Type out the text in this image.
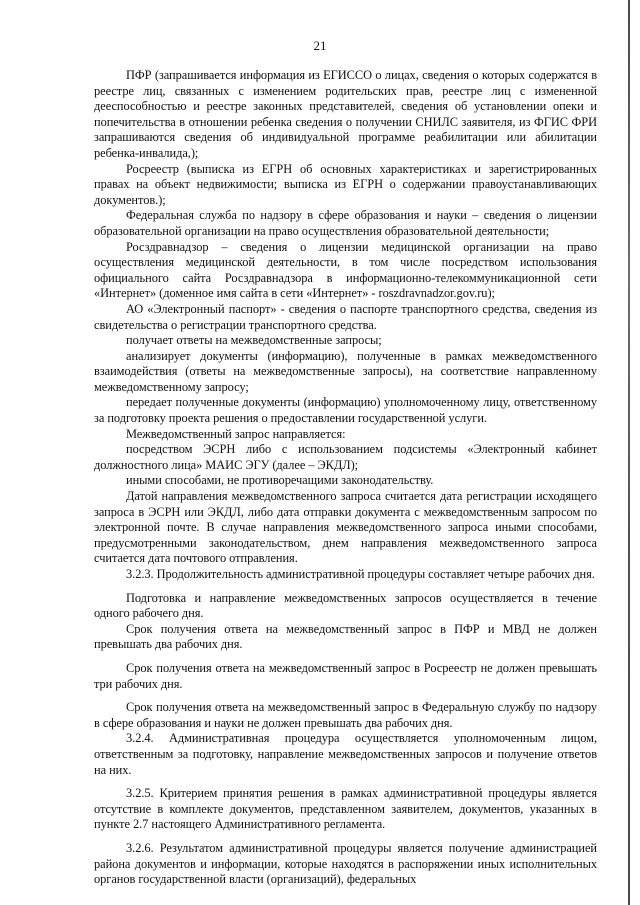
21

ПФР (запрашивается информация из ЕГИССО о лицах, сведения о которых содержатся в реестре лиц, связанных с изменением родительских прав, реестре лиц с измененной дееспособностью и реестре законных представителей, сведения об установлении опеки и попечительства в отношении ребенка сведения о получении СНИЛС заявителя, из ФГИС ФРИ запрашиваются сведения об индивидуальной программе реабилитации или абилитации ребенка-инвалида,);

Росреестр (выписка из ЕГРН об основных характеристиках и зарегистрированных правах на объект недвижимости; выписка из ЕГРН о содержании правоустанавливающих документов.);

Федеральная служба по надзору в сфере образования и науки – сведения о лицензии образовательной организации на право осуществления образовательной деятельности;

Росздравнадзор – сведения о лицензии медицинской организации на право осуществления медицинской деятельности, в том числе посредством использования официального сайта Росздравнадзора в информационно-телекоммуникационной сети «Интернет» (доменное имя сайта в сети «Интернет» - roszdravnadzor.gov.ru);

АО «Электронный паспорт» - сведения о паспорте транспортного средства, сведения из свидетельства о регистрации транспортного средства.

получает ответы на межведомственные запросы;

анализирует документы (информацию), полученные в рамках межведомственного взаимодействия (ответы на межведомственные запросы), на соответствие направленному межведомственному запросу;

передает полученные документы (информацию) уполномоченному лицу, ответственному за подготовку проекта решения о предоставлении государственной услуги.

Межведомственный запрос направляется:

посредством ЭСРН либо с использованием подсистемы «Электронный кабинет должностного лица» МАИС ЭГУ (далее – ЭКДЛ);

иными способами, не противоречащими законодательству.

Датой направления межведомственного запроса считается дата регистрации исходящего запроса в ЭСРН или ЭКДЛ, либо дата отправки документа с межведомственным запросом по электронной почте. В случае направления межведомственного запроса иными способами, предусмотренными законодательством, днем направления межведомственного запроса считается дата почтового отправления.

3.2.3. Продолжительность административной процедуры составляет четыре рабочих дня.

Подготовка и направление межведомственных запросов осуществляется в течение одного рабочего дня.

Срок получения ответа на межведомственный запрос в ПФР и МВД не должен превышать два рабочих дня.

Срок получения ответа на межведомственный запрос в Росреестр не должен превышать три рабочих дня.

Срок получения ответа на межведомственный запрос в Федеральную службу по надзору в сфере образования и науки не должен превышать два рабочих дня.

3.2.4. Административная процедура осуществляется уполномоченным лицом, ответственным за подготовку, направление межведомственных запросов и получение ответов на них.

3.2.5. Критерием принятия решения в рамках административной процедуры является отсутствие в комплекте документов, представленном заявителем, документов, указанных в пункте 2.7 настоящего Административного регламента.

3.2.6. Результатом административной процедуры является получение администрацией района документов и информации, которые находятся в распоряжении иных исполнительных органов государственной власти (организаций), федеральных
